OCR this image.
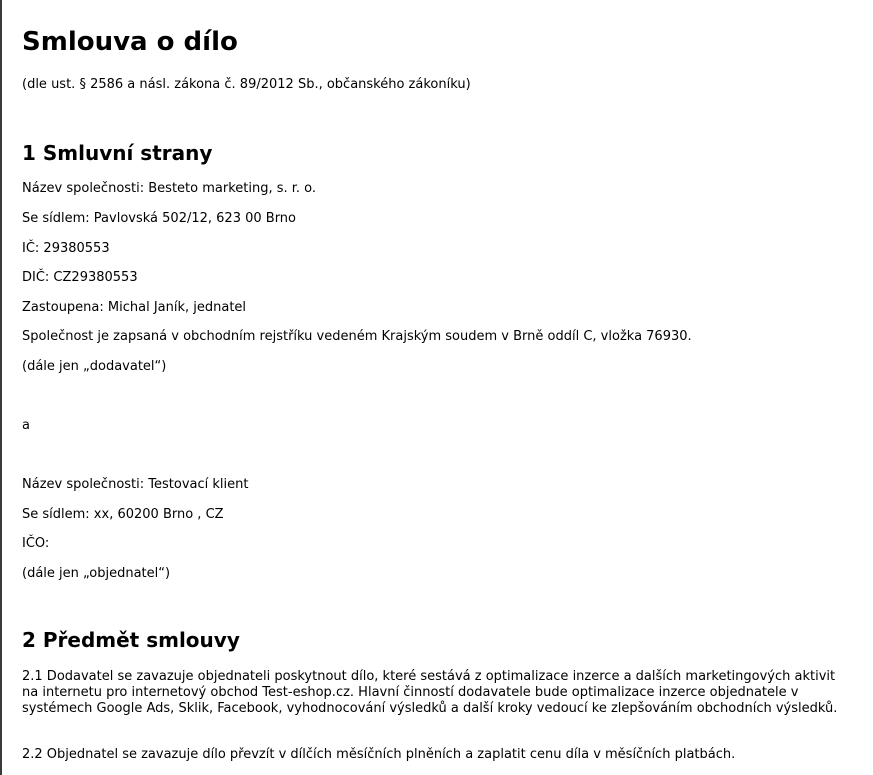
Smlouva o dílo
(dle ust. § 2586 a násl. zákona č. 89/2012 Sb., občanského zákoníku)
1 Smluvní strany
Název společnosti: Besteto marketing, s. r. o.
Se sídlem: Pavlovská 502/12, 623 00 Brno
IČ: 29380553
DIČ: CZ29380553
Zastoupena: Michal Janík, jednatel
Společnost je zapsaná v obchodním rejstříku vedeném Krajským soudem v Brně oddíl C, vložka 76930.
(dále jen „dodavatel“)
a
Název společnosti: Testovací klient
Se sídlem: xx, 60200 Brno , CZ
IČO:
(dále jen „objednatel“)
2 Předmět smlouvy
2.1 Dodavatel se zavazuje objednateli poskytnout dílo, které sestává z optimalizace inzerce a dalších marketingových aktivit na internetu pro internetový obchod Test-eshop.cz. Hlavní činností dodavatele bude optimalizace inzerce objednatele v systémech Google Ads, Sklik, Facebook, vyhodnocování výsledků a další kroky vedoucí ke zlepšováním obchodních výsledků.
2.2 Objednatel se zavazuje dílo převzít v dílčích měsíčních plněních a zaplatit cenu díla v měsíčních platbách.
